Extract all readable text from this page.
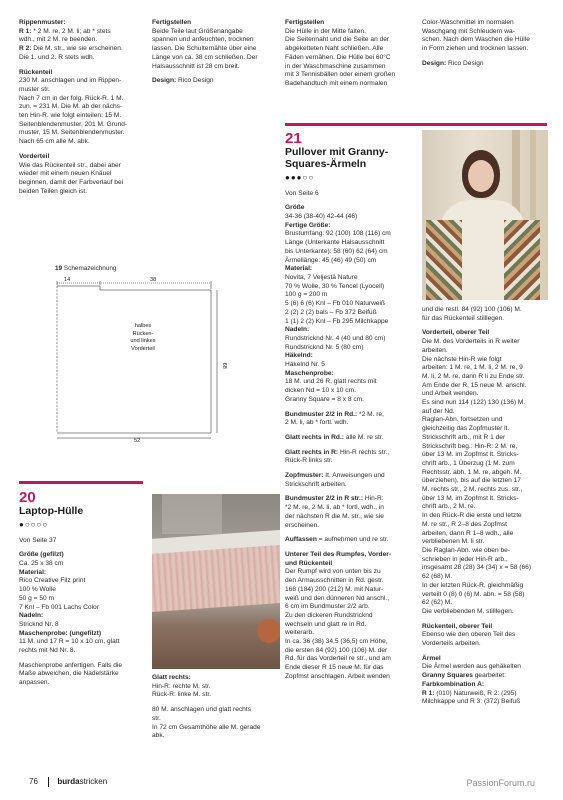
Rippenmuster:
R 1: * 2 M. re, 2 M. li; ab * stets
wdh., mit 2 M. re beenden.
R 2: Die M. str., wie sie erscheinen.
Die 1. und 2. R stets wdh.

Rückenteil
230 M. anschlagen und im Rippen-
muster str.
Nach 7 cm in der folg. Rück-R. 1 M.
zun. = 231 M. Die M. ab der nächs-
ten Hin-R. wie folgt einteilen: 15 M.
Seitenblendenmuster, 201 M. Grund-
muster, 15 M. Seitenblendenmuster.
Nach 65 cm alle M. abk.

Vorderteil
Wie das Rückenteil str., dabei aber
wieder mit einem neuen Knäuel
beginnen, damit der Farbverlauf bei
beiden Teilen gleich ist.

Fertigstellen
Beide Teile laut Größenangabe
spannen und anfeuchten, trocknen
lassen. Die Schulternähte über eine
Länge von ca. 38 cm schließen. Der
Halsausschnitt ist 28 cm breit.

Design: Rico Design

Fertigstellen
Die Hülle in der Mitte falten.
Die Seitennaht und die Seite an der
abgeketteten Naht schließen. Alle
Fäden vernähen. Die Hülle bei 60°C
in der Waschmaschine zusammen
mit 3 Tennisbällen oder einem großen
Badehandtuch mit einem normalen

Color-Waschmittel im normalen
Waschgang mit Schleudern wa-
schen. Nach dem Waschen die Hülle
in Form ziehen und trocknen lassen.

Design: Rico Design

19 Schemazeichnung
14	38
halbes
Rücken-
und linkes
Vorderteil
68
52
20
Laptop-Hülle
●○○○○

Von Seite 37

Größe (gefilzt)
Ca. 25 x 38 cm
Material:
Rico Creative Filz print
100 % Wolle
50 g = 50 m
7 Knl – Fb 001 Lachs Color
Nadeln:
Stricknd Nr. 8
Maschenprobe: (ungefilzt)
11 M. und 17 R = 10 x 10 cm, glatt
rechts mit Nd Nr. 8.

Maschenprobe anfertigen. Falls die
Maße abweichen, die Nadelstärke
anpassen.

Glatt rechts:
Hin-R: rechte M. str.
Rück-R: linke M. str.

80 M. anschlagen und glatt rechts
str.
In 72 cm Gesamthöhe alle M. gerade
abk.

21
Pullover mit Granny-
Squares-Ärmeln
●●●○○

Von Seite 6

Größe
34-36 (38-40) 42-44 (46)
Fertige Größe:
Brustumfang: 92 (100) 108 (116) cm
Länge (Unterkante Halsausschnitt
bis Unterkante): 58 (60) 62 (64) cm
Ärmellänge: 45 (46) 49 (50) cm
Material:
Novita, 7 Veljestä Nature
70 % Wolle, 30 % Tencel (Lyocell)
100 g = 200 m
5 (6) 6 (6) Knl – Fb 010 Naturweiß
2 (2) 2 (2) bals – Fb 372 Beifuß
1 (1) 2 (2) Knl – Fb 295 Milchkappe
Nadeln:
Rundstricknd Nr. 4 (40 und 80 cm)
Rundstricknd Nr. 5 (80 cm)
Häkelnd:
Häkelnd Nr. 5
Maschenprobe:
18 M. und 26 R, glatt rechts mit
dicken Nd = 10 x 10 cm.
Granny Square = 8 x 8 cm.

Bundmuster 2/2 in Rd.: *2 M. re,
2 M. li, ab * fortl. wdh.

Glatt rechts in Rd.: alle M. re str.

Glatt rechts in R: Hin-R rechts str.,
Rück-R links str.

Zopfmuster: It. Anweisungen und
Strickschrift arbeiten.

Bundmuster 2/2 in R str.: Hin-R:
*2 M. re, 2 M. li, ab * fortl. wdh., in
der nächsten R die M. str., wie sie
erscheinen.

Auffassen = aufnehmen und re str.

Unterer Teil des Rumpfes, Vorder-
und Rückenteil
Der Rumpf wird von unten bis zu
den Armausschnitten in Rd. gestr.
168 (184) 200 (212) M. mit Natur-
weiß und den dünneren Nd anschl.,
6 cm im Bundmuster 2/2 arb.
Zu den dickeren Rundstricknd
wechseln und glatt re in Rd.
weiterarb.
In ca. 36 (38) 34,5 (36,5) cm Höhe,
die ersten 84 (92) 100 (106) M. der
Rd. für das Vorderteil re str., und am
Ende dieser R 15 neue M. für das
Zopfmst anschlagen. Arbeit wenden

und die restl. 84 (92) 100 (106) M.
für das Rückenteil stilllegen.

Vorderteil, oberer Teil
Die M. des Vorderteils in R weiter
arbeiten.
Die nächste Hin-R wie folgt
arbeiten: 1 M. re, 1 M. li, 2 M. re, 9
M. li, 2 M. re, dann R li zu Ende str.
Am Ende der R, 15 neue M. anschl.
und Arbeit wenden.
Es sind nun 114 (122) 130 (136) M.
auf der Nd.
Raglan-Abn. fortsetzen und
gleichzeitig das Zopfmuster lt.
Strickschrift arb., mit R 1 der
Strickschrift beg.: Hin-R: 2 M. re,
über 13 M. im Zopfmst lt. Stricks-
chrift arb., 1 Überzug (1 M. zum
Rechtsstr. abh, 1 M. re, abgeh. M.
überziehen), bis auf die letzten 17
M. rechts str., 2 M. rechts zus. str.,
über 13 M. im Zopfmst lt. Stricks-
chrift arb., 2 M. re.
In den Rück-R die erste und letzte
M. re str., R 2–8 des Zopfmst
arbeiten, dann R 1–8 wdh., alle
verbliebenen M. li str.
Die Raglan-Abn. wie oben be-
schrieben in jeder Hin-R arb.,
insgesamt 28 (28) 34 (34) x = 58 (66)
62 (68) M.
In der letzten Rück-R, gleichmäßig
verteilt 0 (8) 0 (6) M. abn. = 58 (58)
62 (62) M.
Die verbliebenden M. stilllegen.

Rückenteil, oberer Teil
Ebenso wie den oberen Teil des
Vorderteils arbeiten.

Ärmel
Die Ärmel werden aus gehäkelten
Granny Squares gearbeitet:
Farbkombination A:
R 1: (010) Naturweiß, R 2: (295)
Milchkappe und R 3: (372) Beifuß

76 burdastricken	PassionForum.ru
